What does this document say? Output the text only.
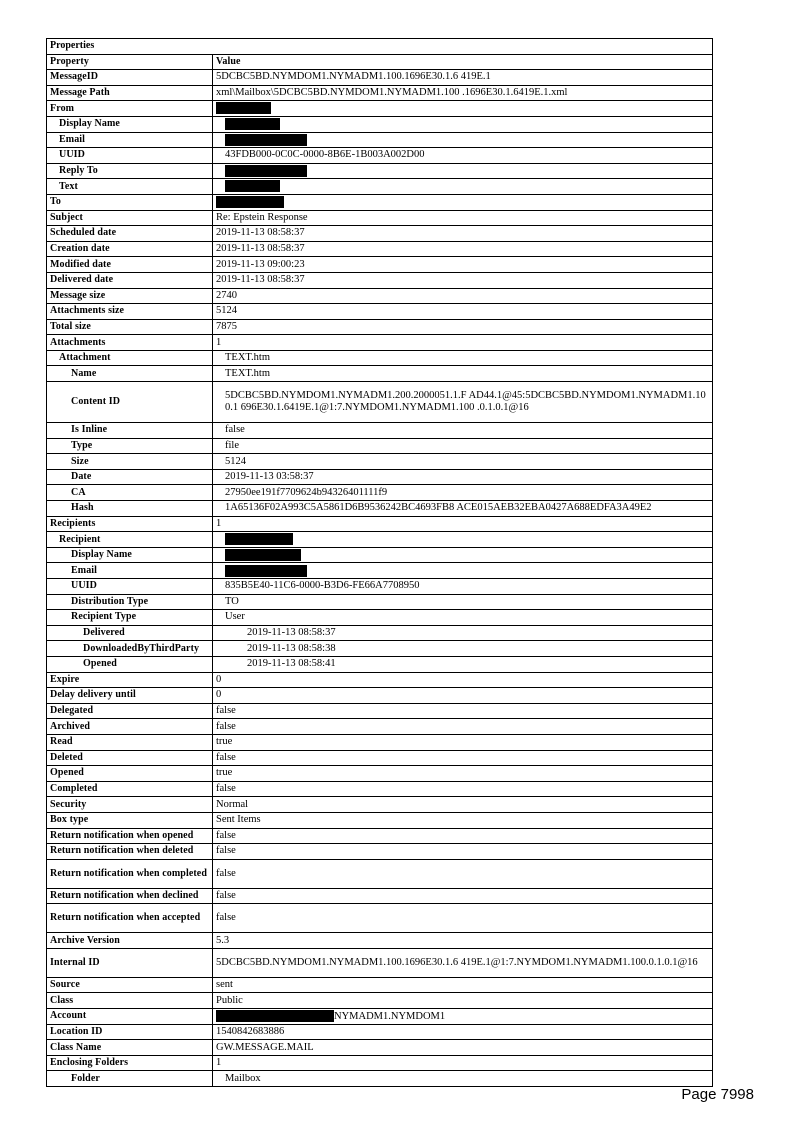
Properties	
Property	Value
MessageID	5DCBC5BD.NYMDOM1.NYMADM1.100.1696E30.1.6 419E.1
Message Path	xml\Mailbox\5DCBC5BD.NYMDOM1.NYMADM1.100 .1696E30.1.6419E.1.xml
From	
Display Name	
Email	
UUID	43FDB000-0C0C-0000-8B6E-1B003A002D00
Reply To	
Text	
To	
Subject	Re: Epstein Response
Scheduled date	2019-11-13 08:58:37
Creation date	2019-11-13 08:58:37
Modified date	2019-11-13 09:00:23
Delivered date	2019-11-13 08:58:37
Message size	2740
Attachments size	5124
Total size	7875
Attachments	1
Attachment	TEXT.htm
Name	TEXT.htm
Content ID	5DCBC5BD.NYMDOM1.NYMADM1.200.2000051.1.F AD44.1@45:5DCBC5BD.NYMDOM1.NYMADM1.100.1 696E30.1.6419E.1@1:7.NYMDOM1.NYMADM1.100 .0.1.0.1@16

Is Inline	false
Type	file
Size	5124
Date	2019-11-13 03:58:37
CA	27950ee191f7709624b94326401111f9
Hash	1A65136F02A993C5A5861D6B9536242BC4693FB8 ACE015AEB32EBA0427A688EDFA3A49E2
Recipients	1
Recipient	
Display Name	
Email	
UUID	835B5E40-11C6-0000-B3D6-FE66A7708950
Distribution Type	TO
Recipient Type	User
Delivered	2019-11-13 08:58:37
DownloadedByThirdParty	2019-11-13 08:58:38
Opened	2019-11-13 08:58:41
Expire	0
Delay delivery until	0
Delegated	false
Archived	false
Read	true
Deleted	false
Opened	true
Completed	false
Security	Normal
Box type	Sent Items
Return notification when opened	false
Return notification when deleted	false
Return notification when completed	false

Return notification when declined	false
Return notification when accepted	false

Archive Version	5.3
Internal ID	5DCBC5BD.NYMDOM1.NYMADM1.100.1696E30.1.6 419E.1@1:7.NYMDOM1.NYMADM1.100.0.1.0.1@16

Source	sent
Class	Public
Account	NYMADM1.NYMDOM1
Location ID	1540842683886
Class Name	GW.MESSAGE.MAIL
Enclosing Folders	1
Folder	Mailbox
Page 7998
